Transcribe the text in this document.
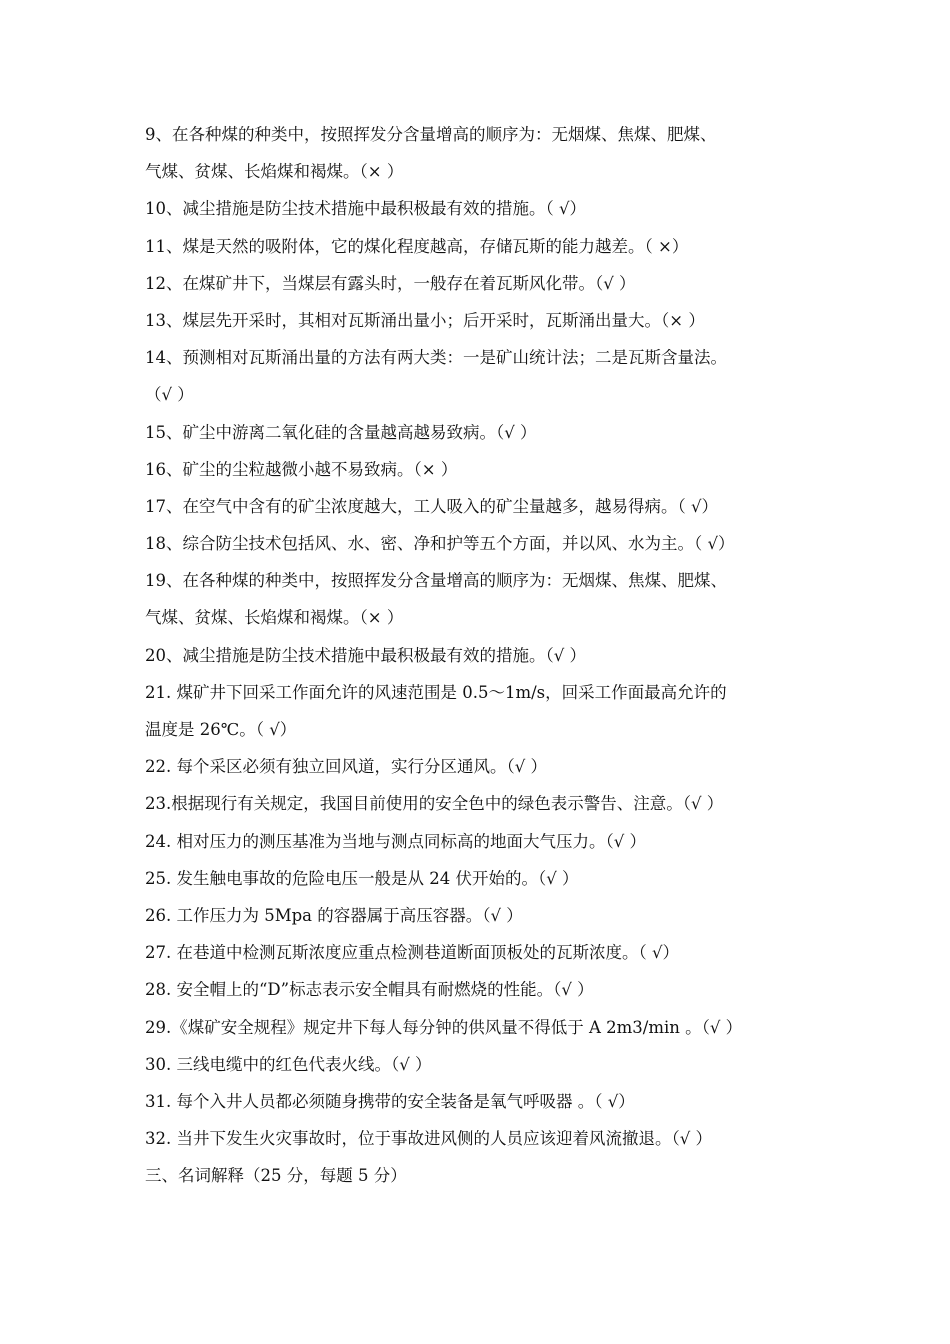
9、在各种煤的种类中，按照挥发分含量增高的顺序为：无烟煤、焦煤、肥煤、
气煤、贫煤、长焰煤和褐煤。（× ）
10、减尘措施是防尘技术措施中最积极最有效的措施。（ √）
11、煤是天然的吸附体，它的煤化程度越高，存储瓦斯的能力越差。（ ×）
12、在煤矿井下，当煤层有露头时，一般存在着瓦斯风化带。（√ ）
13、煤层先开采时，其相对瓦斯涌出量小；后开采时，瓦斯涌出量大。（× ）
14、预测相对瓦斯涌出量的方法有两大类：一是矿山统计法；二是瓦斯含量法。
（√ ）
15、矿尘中游离二氧化硅的含量越高越易致病。（√ ）
16、矿尘的尘粒越微小越不易致病。（× ）
17、在空气中含有的矿尘浓度越大，工人吸入的矿尘量越多，越易得病。（ √）
18、综合防尘技术包括风、水、密、净和护等五个方面，并以风、水为主。（ √）
19、在各种煤的种类中，按照挥发分含量增高的顺序为：无烟煤、焦煤、肥煤、
气煤、贫煤、长焰煤和褐煤。（× ）
20、减尘措施是防尘技术措施中最积极最有效的措施。（√ ）
21. 煤矿井下回采工作面允许的风速范围是 0.5～1m/s，回采工作面最高允许的
温度是 26℃。（ √）
22. 每个采区必须有独立回风道，实行分区通风。（√ ）
23.根据现行有关规定，我国目前使用的安全色中的绿色表示警告、注意。（√ ）
24. 相对压力的测压基准为当地与测点同标高的地面大气压力。（√ ）
25. 发生触电事故的危险电压一般是从 24 伏开始的。（√ ）
26. 工作压力为 5Mpa 的容器属于高压容器。（√ ）
27. 在巷道中检测瓦斯浓度应重点检测巷道断面顶板处的瓦斯浓度。（ √）
28. 安全帽上的“D”标志表示安全帽具有耐燃烧的性能。（√ ）
29.《煤矿安全规程》规定井下每人每分钟的供风量不得低于 A 2m3/min 。（√ ）
30. 三线电缆中的红色代表火线。（√ ）
31. 每个入井人员都必须随身携带的安全装备是氧气呼吸器 。（ √）
32. 当井下发生火灾事故时，位于事故进风侧的人员应该迎着风流撤退。（√ ）
三、名词解释（25 分，每题 5 分）
